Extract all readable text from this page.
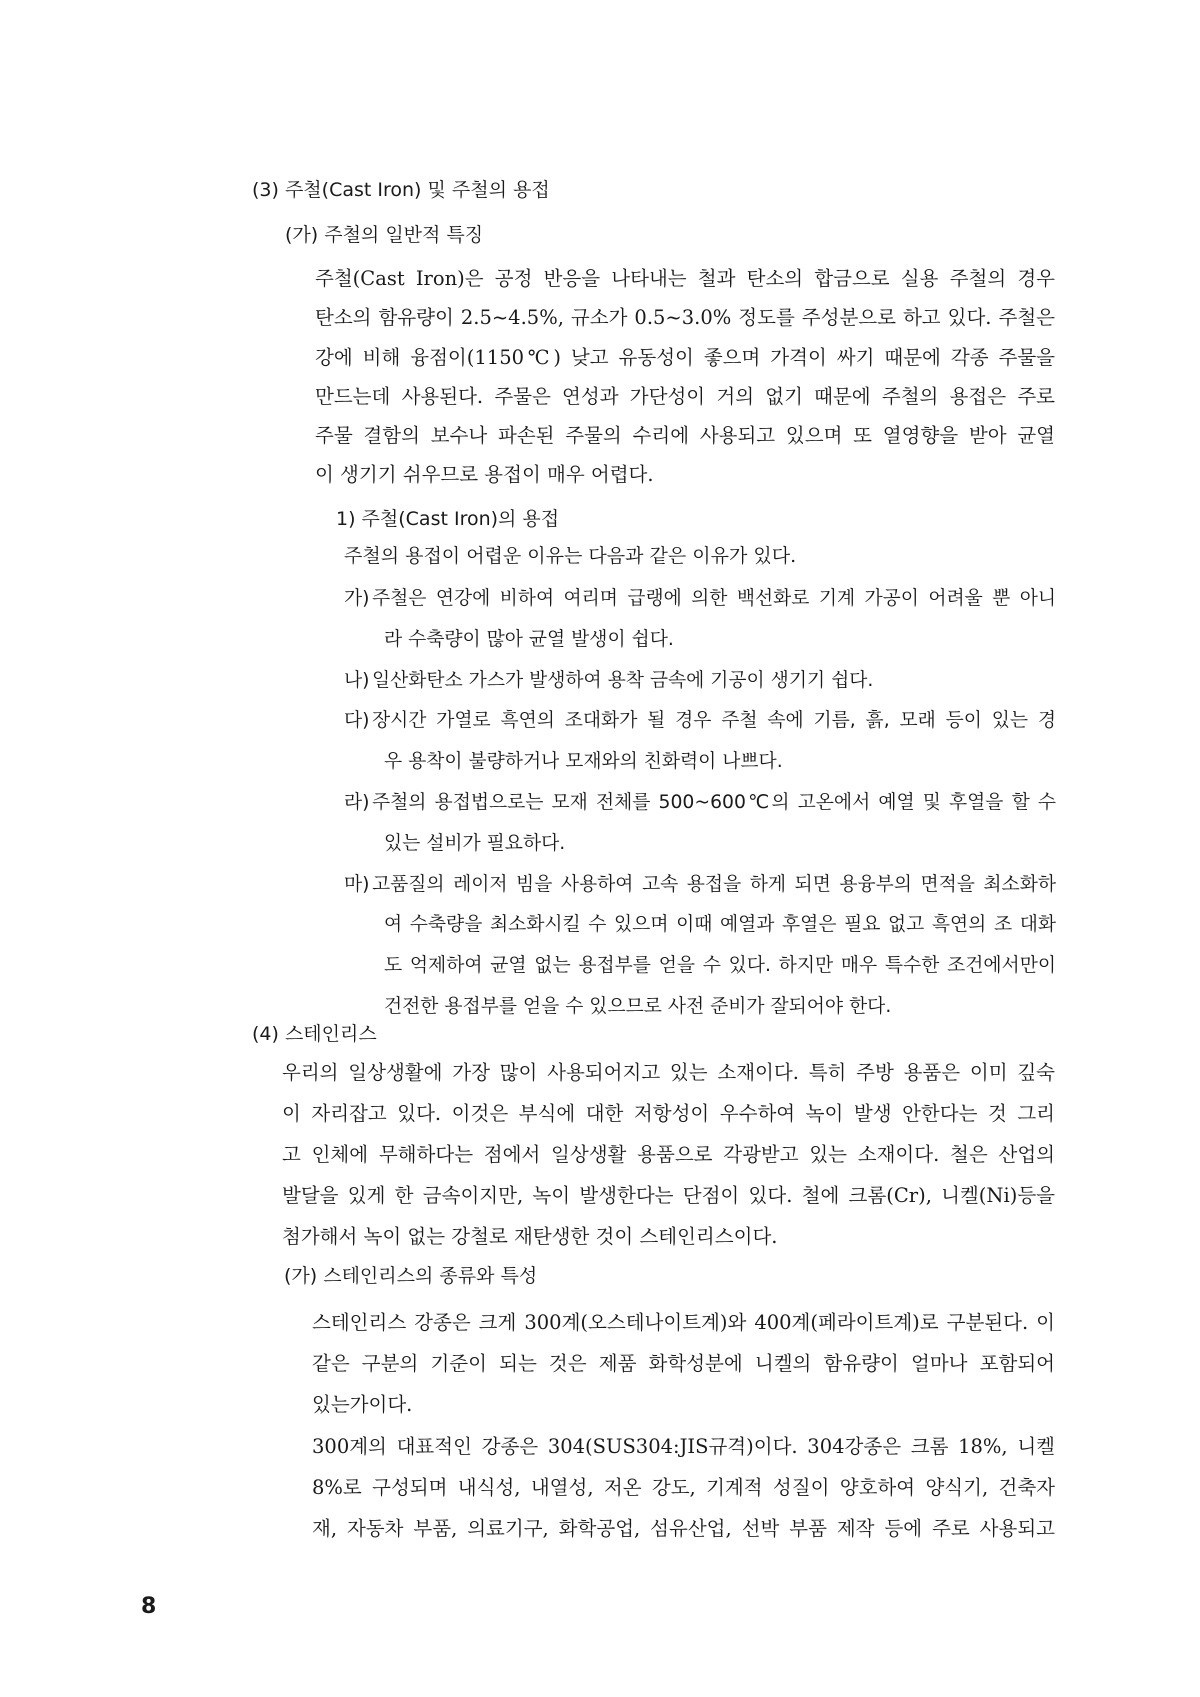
(3) 주철(Cast Iron) 및 주철의 용접
(가) 주철의 일반적 특징
주철(Cast Iron)은 공정 반응을 나타내는 철과 탄소의 합금으로 실용 주철의 경우
탄소의 함유량이 2.5~4.5%, 규소가 0.5~3.0% 정도를 주성분으로 하고 있다. 주철은
강에 비해 융점이(1150℃) 낮고 유동성이 좋으며 가격이 싸기 때문에 각종 주물을
만드는데 사용된다. 주물은 연성과 가단성이 거의 없기 때문에 주철의 용접은 주로
주물 결함의 보수나 파손된 주물의 수리에 사용되고 있으며 또 열영향을 받아 균열
이 생기기 쉬우므로 용접이 매우 어렵다.
1) 주철(Cast Iron)의 용접
주철의 용접이 어렵운 이유는 다음과 같은 이유가 있다.
가) 주철은 연강에 비하여 여리며 급랭에 의한 백선화로 기계 가공이 어려울 뿐 아니
라 수축량이 많아 균열 발생이 쉽다.
나) 일산화탄소 가스가 발생하여 용착 금속에 기공이 생기기 쉽다.
다) 장시간 가열로 흑연의 조대화가 될 경우 주철 속에 기름, 흙, 모래 등이 있는 경
우 용착이 불량하거나 모재와의 친화력이 나쁘다.
라) 주철의 용접법으로는 모재 전체를 500~600℃의 고온에서 예열 및 후열을 할 수
있는 설비가 필요하다.
마) 고품질의 레이저 빔을 사용하여 고속 용접을 하게 되면 용융부의 면적을 최소화하
여 수축량을 최소화시킬 수 있으며 이때 예열과 후열은 필요 없고 흑연의 조 대화
도 억제하여 균열 없는 용접부를 얻을 수 있다. 하지만 매우 특수한 조건에서만이
건전한 용접부를 얻을 수 있으므로 사전 준비가 잘되어야 한다.
(4) 스테인리스
우리의 일상생활에 가장 많이 사용되어지고 있는 소재이다. 특히 주방 용품은 이미 깊숙
이 자리잡고 있다. 이것은 부식에 대한 저항성이 우수하여 녹이 발생 안한다는 것 그리
고 인체에 무해하다는 점에서 일상생활 용품으로 각광받고 있는 소재이다. 철은 산업의
발달을 있게 한 금속이지만, 녹이 발생한다는 단점이 있다. 철에 크롬(Cr), 니켈(Ni)등을
첨가해서 녹이 없는 강철로 재탄생한 것이 스테인리스이다.
(가) 스테인리스의 종류와 특성
스테인리스 강종은 크게 300계(오스테나이트계)와 400계(페라이트계)로 구분된다. 이
같은 구분의 기준이 되는 것은 제품 화학성분에 니켈의 함유량이 얼마나 포함되어
있는가이다.
300계의 대표적인 강종은 304(SUS304:JIS규격)이다. 304강종은 크롬 18%, 니켈
8%로 구성되며 내식성, 내열성, 저온 강도, 기계적 성질이 양호하여 양식기, 건축자
재, 자동차 부품, 의료기구, 화학공업, 섬유산업, 선박 부품 제작 등에 주로 사용되고
8
